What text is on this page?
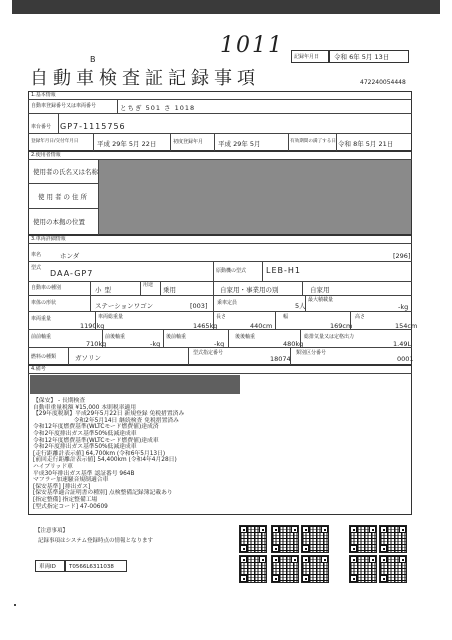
B
1011	記録年月日	令和 6年 5月 13日
自動車検査証記録事項	472240054448
1.基本情報
自動車登録番号又は車両番号	とちぎ 501 さ 1018
車台番号 GP7-1115756
登録年月日/交付年月日	平成 29年 5月 22日	初度登録年月 平成 29年 5月	有効期間の満了する日 令和 8年 5月 21日
2.使用者情報
使用者の氏名又は名称
使用者の住所
使用の本拠の位置
3.車両詳細情報
車名	ホンダ	[296]
型式
DAA-GP7	原動機の型式 LEB-H1
自動車の種別	小型
用途
乗用	自家用・事業用の別	自家用
車体の形状	ステーションワゴン	[003] 乗車定員	5人
最大積載量
-kg
車両重量
1190kg
車両総重量
1465kg
長さ
440cm
幅
169cm
高さ
154cm
前前軸重
710kg
前後軸重
-kg
後前軸重
-kg
後後軸重
480kg
総排気量又は定格出力
1.49L
燃料の種類	ガソリン
型式指定番号
18074
類別区分番号
0001
4.備考
【保安】 - 長期検査
自動車重量税額 ¥15,000 本則税率適用
【29年度税制】平成29年5月22日 新規登録 免税措置済み
　　　　　　　令和2年5月14日 継続検査 免税措置済み
令和12年度燃費基準(WLTCモード燃費値)達成済
令和2年度排出ガス基準50%低減達成車
令和12年度燃費基準(WLTCモード燃費値)達成車
令和2年度排出ガス基準50%低減達成車
[走行距離計表示値] 64,700km (令和6年5月13日)
[前回走行距離計表示値] 54,400km (令和4年4月28日)
ハイブリッド車
平成30年排出ガス基準 認証番号 964B
マフラー加速騒音規制適合車
[保安基準] [排出ガス]
[保安基準適合証明書の種別] 点検整備記録簿記載あり
[指定整備] 指定整備工場
[型式指定コード] 47-00609
【注意事項】
記録事項はシステム登録時点の情報となります
車両ID	T0566L6311038
